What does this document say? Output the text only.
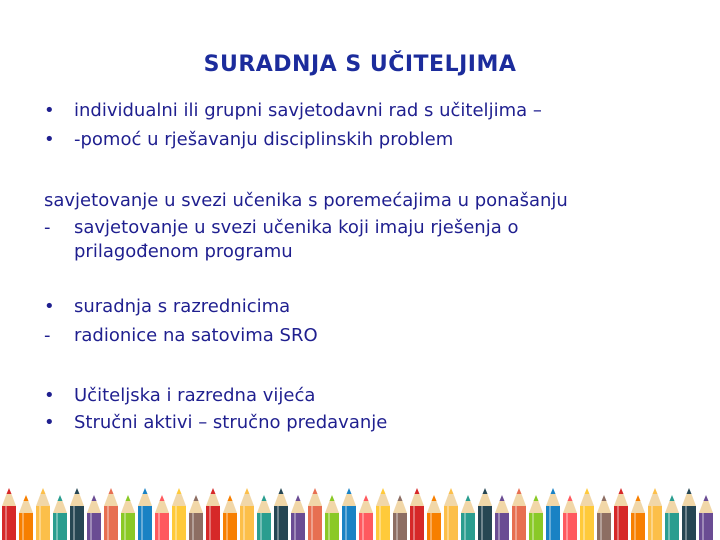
SURADNJA S UČITELJIMA
• individualni ili grupni savjetodavni rad s učiteljima –
• -pomoć u rješavanju disciplinskih problem
savjetovanje u svezi učenika s poremećajima u ponašanju
- savjetovanje u svezi učenika koji imaju rješenja o
prilagođenom programu
• suradnja s razrednicima
- radionice na satovima SRO
• Učiteljska i razredna vijeća
• Stručni aktivi – stručno predavanje
